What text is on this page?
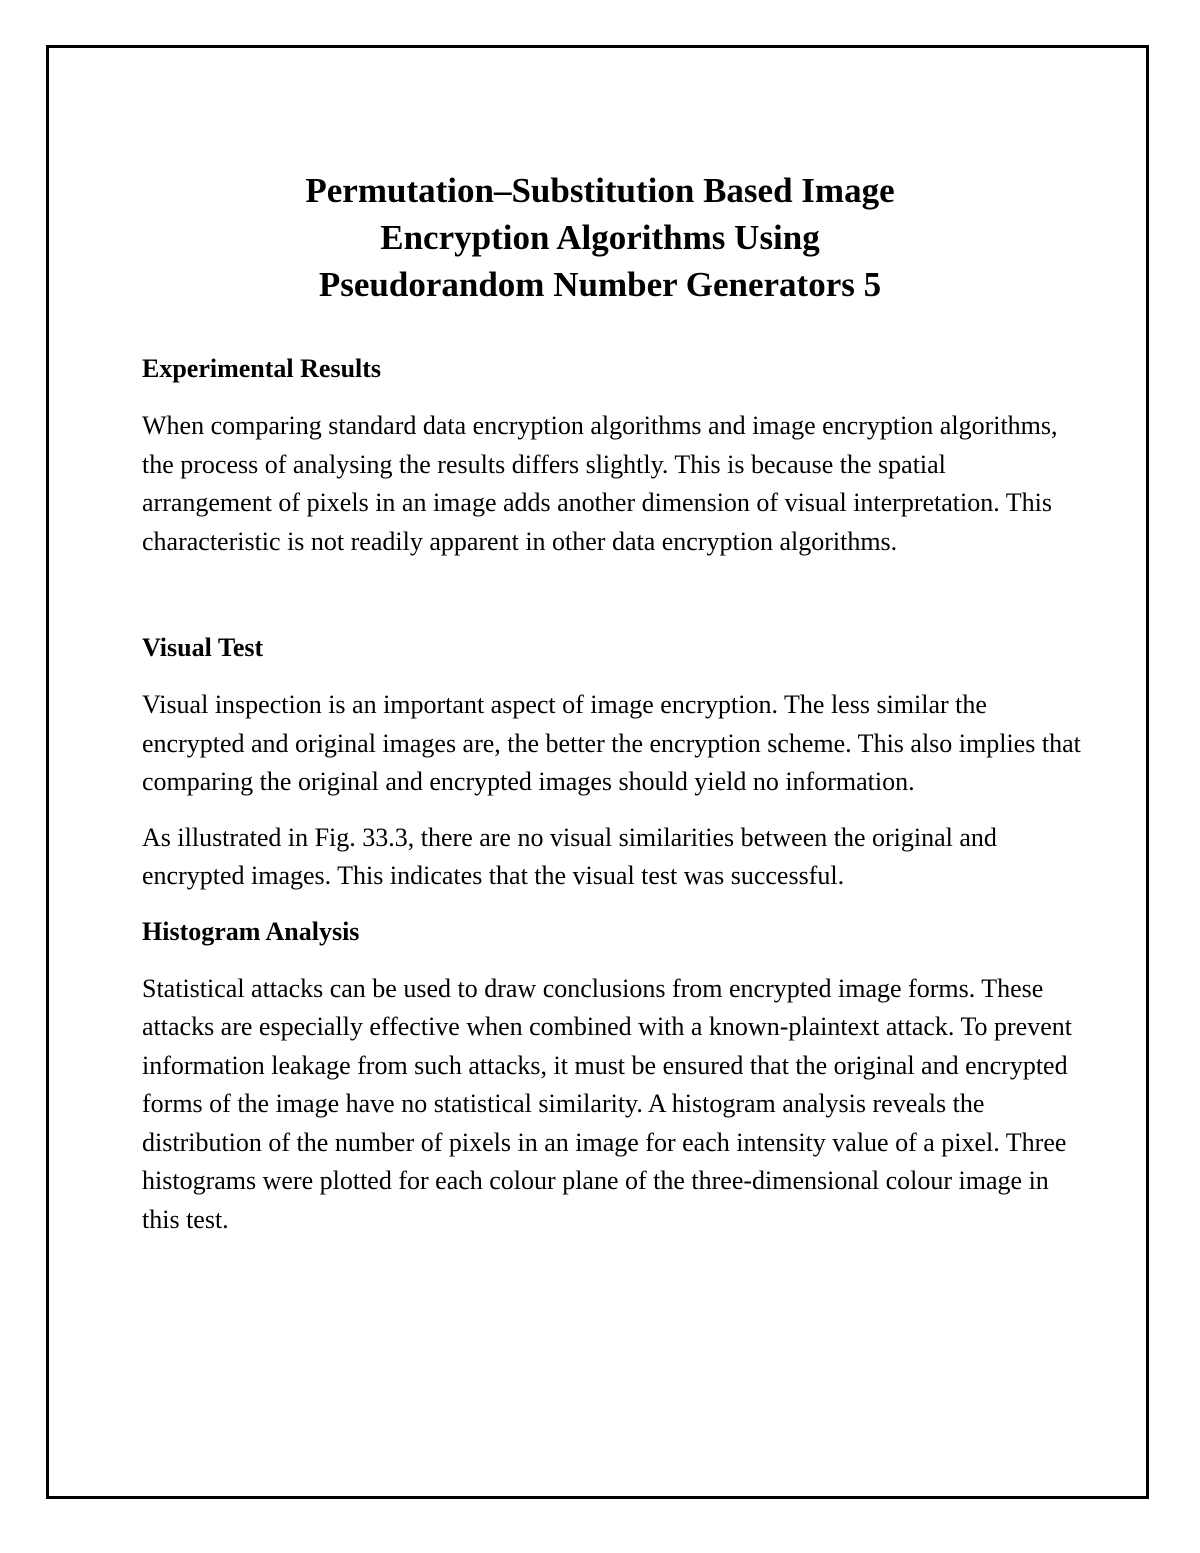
Permutation–Substitution Based Image
Encryption Algorithms Using
Pseudorandom Number Generators 5
Experimental Results

When comparing standard data encryption algorithms and image encryption algorithms, the process of analysing the results differs slightly. This is because the spatial arrangement of pixels in an image adds another dimension of visual interpretation. This characteristic is not readily apparent in other data encryption algorithms.

Visual Test

Visual inspection is an important aspect of image encryption. The less similar the encrypted and original images are, the better the encryption scheme. This also implies that comparing the original and encrypted images should yield no information.

As illustrated in Fig. 33.3, there are no visual similarities between the original and encrypted images. This indicates that the visual test was successful.

Histogram Analysis

Statistical attacks can be used to draw conclusions from encrypted image forms. These attacks are especially effective when combined with a known-plaintext attack. To prevent information leakage from such attacks, it must be ensured that the original and encrypted forms of the image have no statistical similarity. A histogram analysis reveals the distribution of the number of pixels in an image for each intensity value of a pixel. Three histograms were plotted for each colour plane of the three-dimensional colour image in this test.
